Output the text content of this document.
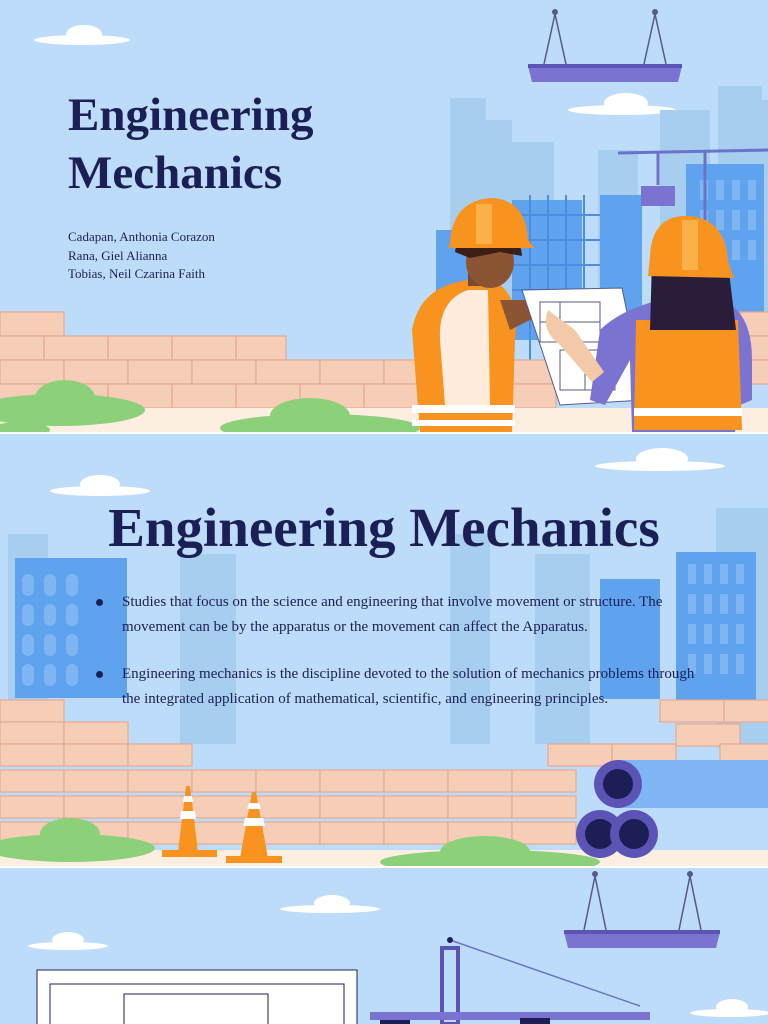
Engineering
Mechanics
Cadapan, Anthonia Corazon
Rana, Giel Alianna
Tobias, Neil Czarina Faith
Engineering Mechanics
Studies that focus on the science and engineering that involve movement or structure. The movement can be by the apparatus or the movement can affect the Apparatus.
Engineering mechanics is the discipline devoted to the solution of mechanics problems through the integrated application of mathematical, scientific, and engineering principles.
